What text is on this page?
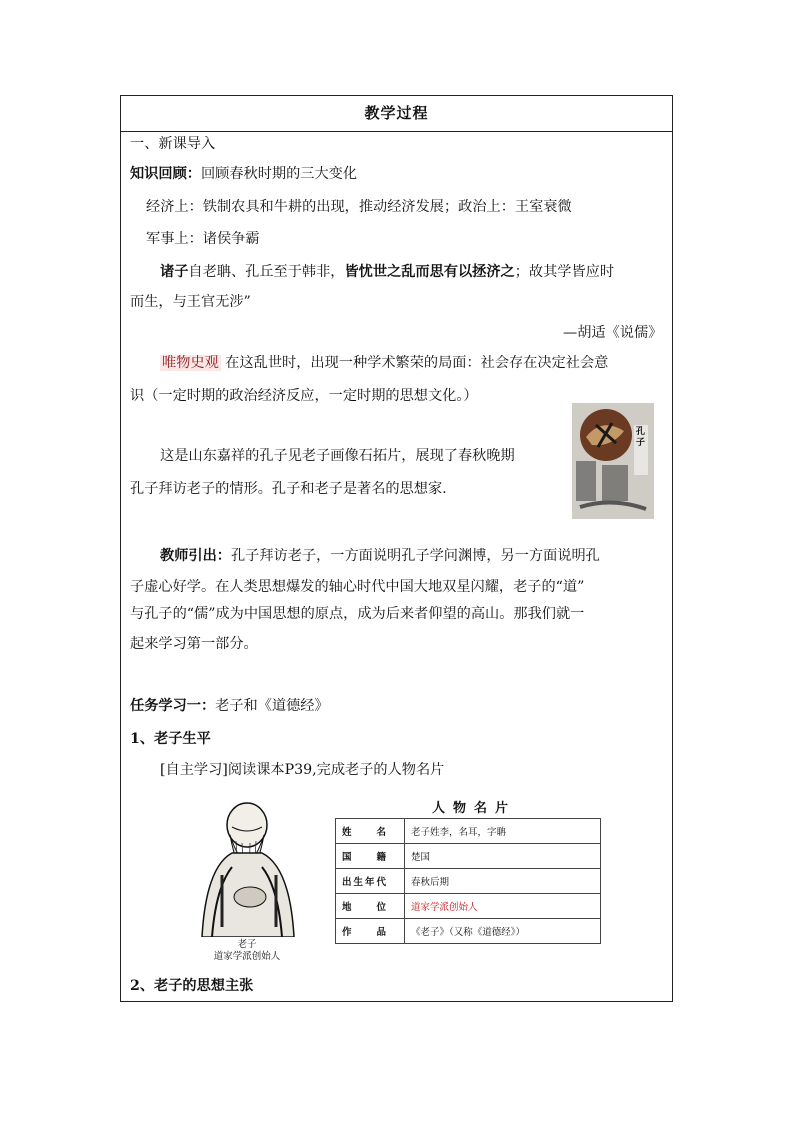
教学过程
一、新课导入
知识回顾：回顾春秋时期的三大变化
经济上：铁制农具和牛耕的出现，推动经济发展；政治上：王室衰微
军事上：诸侯争霸
诸子自老聃、孔丘至于韩非，皆忧世之乱而思有以拯济之；故其学皆应时
而生，与王官无涉”
—胡适《说儒》
唯物史观 在这乱世时，出现一种学术繁荣的局面：社会存在决定社会意
识（一定时期的政治经济反应，一定时期的思想文化。）
这是山东嘉祥的孔子见老子画像石拓片，展现了春秋晚期
孔子拜访老子的情形。孔子和老子是著名的思想家.
孔子
教师引出：孔子拜访老子，一方面说明孔子学问渊博，另一方面说明孔
子虚心好学。在人类思想爆发的轴心时代中国大地双星闪耀，老子的“道”
与孔子的“儒”成为中国思想的原点，成为后来者仰望的高山。那我们就一
起来学习第一部分。
任务学习一：老子和《道德经》
1、老子生平
[自主学习]阅读课本P39,完成老子的人物名片
老子
道家学派创始人
人物名片
姓　　名	老子姓李，名耳，字聃
国　　籍	楚国
出生年代	春秋后期
地　　位	道家学派创始人
作　　品	《老子》（又称《道德经》）
2、老子的思想主张
